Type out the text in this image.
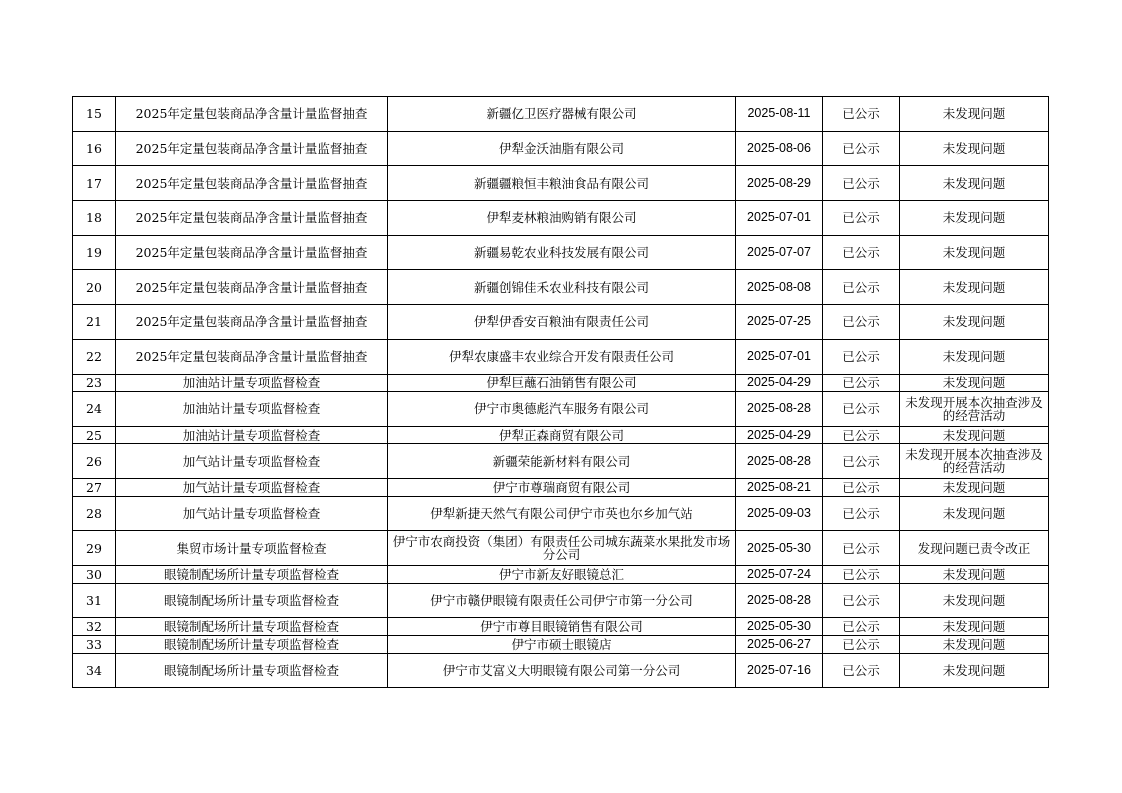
15	2025年定量包装商品净含量计量监督抽查	新疆亿卫医疗器械有限公司	2025-08-11	已公示	未发现问题
16	2025年定量包装商品净含量计量监督抽查	伊犁金沃油脂有限公司	2025-08-06	已公示	未发现问题
17	2025年定量包装商品净含量计量监督抽查	新疆疆粮恒丰粮油食品有限公司	2025-08-29	已公示	未发现问题
18	2025年定量包装商品净含量计量监督抽查	伊犁麦林粮油购销有限公司	2025-07-01	已公示	未发现问题
19	2025年定量包装商品净含量计量监督抽查	新疆易乾农业科技发展有限公司	2025-07-07	已公示	未发现问题
20	2025年定量包装商品净含量计量监督抽查	新疆创锦佳禾农业科技有限公司	2025-08-08	已公示	未发现问题
21	2025年定量包装商品净含量计量监督抽查	伊犁伊香安百粮油有限责任公司	2025-07-25	已公示	未发现问题
22	2025年定量包装商品净含量计量监督抽查	伊犁农康盛丰农业综合开发有限责任公司	2025-07-01	已公示	未发现问题
23	加油站计量专项监督检查	伊犁巨蘸石油销售有限公司	2025-04-29	已公示	未发现问题
24	加油站计量专项监督检查	伊宁市奥德彪汽车服务有限公司	2025-08-28	已公示	未发现开展本次抽查涉及的经营活动
25	加油站计量专项监督检查	伊犁正森商贸有限公司	2025-04-29	已公示	未发现问题
26	加气站计量专项监督检查	新疆荣能新材料有限公司	2025-08-28	已公示	未发现开展本次抽查涉及的经营活动
27	加气站计量专项监督检查	伊宁市尊瑞商贸有限公司	2025-08-21	已公示	未发现问题
28	加气站计量专项监督检查	伊犁新捷天然气有限公司伊宁市英也尔乡加气站	2025-09-03	已公示	未发现问题
29	集贸市场计量专项监督检查	伊宁市农商投资（集团）有限责任公司城东蔬菜水果批发市场分公司	2025-05-30	已公示	发现问题已责令改正
30	眼镜制配场所计量专项监督检查	伊宁市新友好眼镜总汇	2025-07-24	已公示	未发现问题
31	眼镜制配场所计量专项监督检查	伊宁市赣伊眼镜有限责任公司伊宁市第一分公司	2025-08-28	已公示	未发现问题
32	眼镜制配场所计量专项监督检查	伊宁市尊目眼镜销售有限公司	2025-05-30	已公示	未发现问题
33	眼镜制配场所计量专项监督检查	伊宁市硕士眼镜店	2025-06-27	已公示	未发现问题
34	眼镜制配场所计量专项监督检查	伊宁市艾富义大明眼镜有限公司第一分公司	2025-07-16	已公示	未发现问题
